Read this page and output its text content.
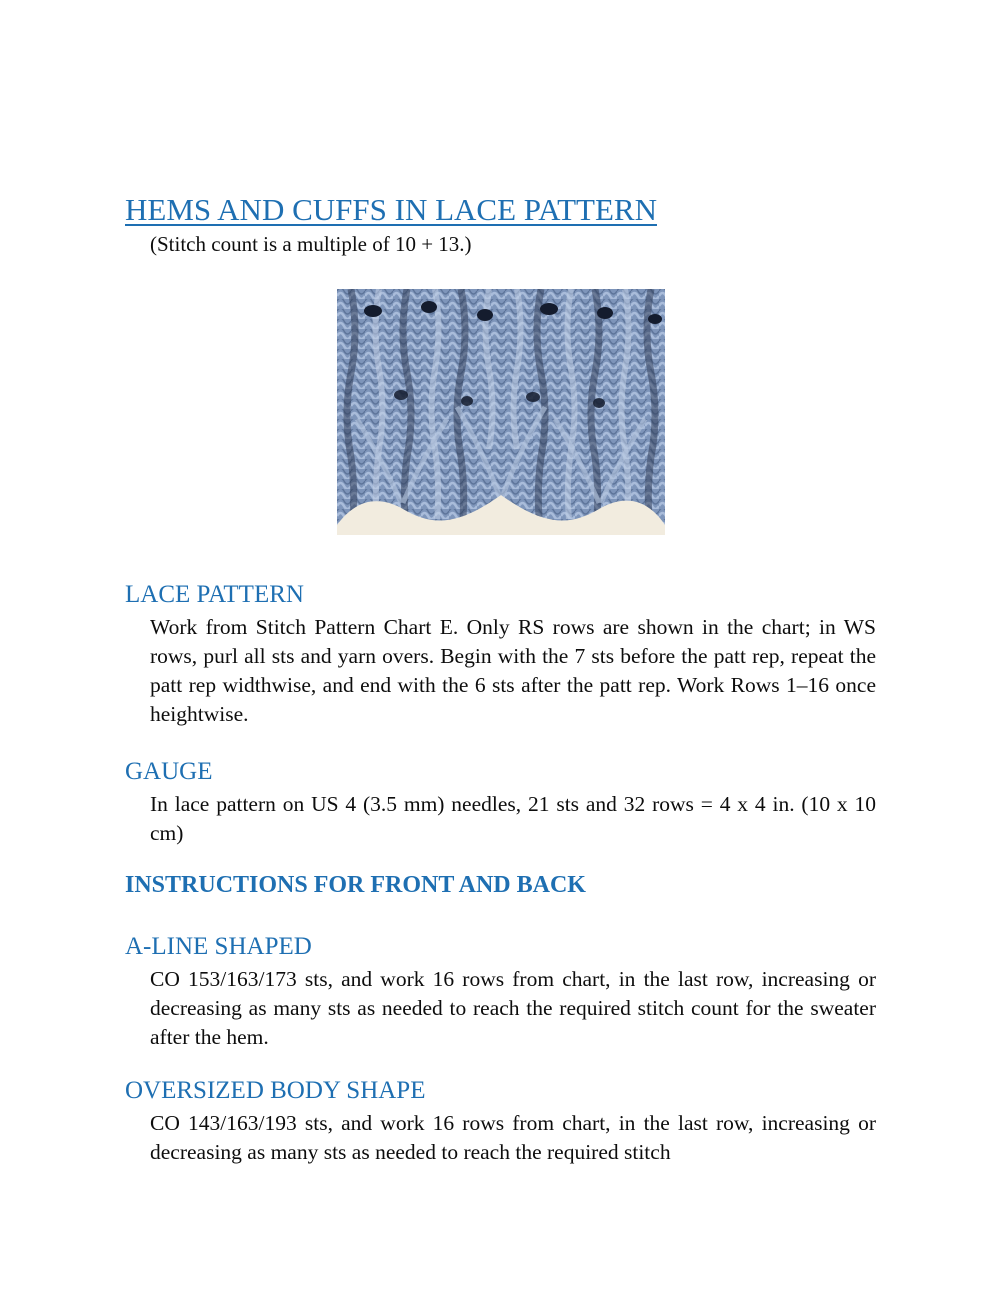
HEMS AND CUFFS IN LACE PATTERN

(Stitch count is a multiple of 10 + 13.)

LACE PATTERN

Work from Stitch Pattern Chart E. Only RS rows are shown in the chart; in WS rows, purl all sts and yarn overs. Begin with the 7 sts before the patt rep, repeat the patt rep widthwise, and end with the 6 sts after the patt rep. Work Rows 1–16 once heightwise.

GAUGE

In lace pattern on US 4 (3.5 mm) needles, 21 sts and 32 rows = 4 x 4 in. (10 x 10 cm)

INSTRUCTIONS FOR FRONT AND BACK
A-LINE SHAPED

CO 153/163/173 sts, and work 16 rows from chart, in the last row, increasing or decreasing as many sts as needed to reach the required stitch count for the sweater after the hem.

OVERSIZED BODY SHAPE

CO 143/163/193 sts, and work 16 rows from chart, in the last row, increasing or decreasing as many sts as needed to reach the required stitch
